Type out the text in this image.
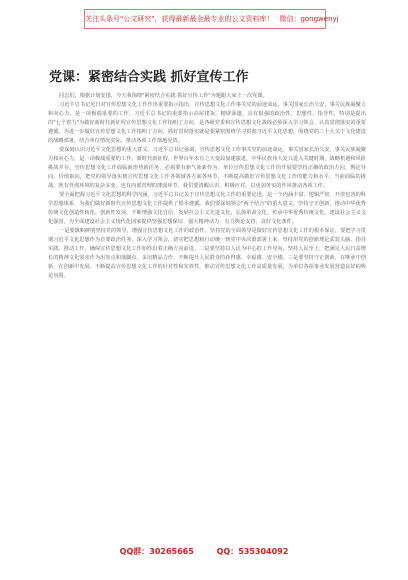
关注头条号"公文研究"，获得最新最全最专业的公文资料库！ 微信：gongwenyj
党课：紧密结合实践 抓好宣传工作

同志们，根据计划安排，今天我围绕"紧密结合实践 抓好宣传工作"为题跟大家上一次党课。

习近平总书记近日对宣传思想文化工作作出重要指示指出，宣传思想文化工作事关党的前途命运，事关国家长治久安，事关民族凝聚力和向心力，是一项极端重要的工作。习近平总书记的重要指示高屋建瓴、精辟深邃，具有很强的政治性、思想性、指导性，特别是提出的"七个着力"为做好新时代新征程宣传思想文化工作指明了方向，是各级党委和宣传思想文化战线必须深入学习领会、认真贯彻落实的重要遵循。为进一步做好宣传思想文化工作指明了方向，抓好贯彻落实就是要紧密围绕学习贯彻习近平文化思想，围绕党的二十大关于文化建设的战略部署，结合单位情况实际，推动各项工作落地见效。

要深刻认识习近平文化思想的重大意义。习近平总书记强调，宣传思想文化工作事关党的前途命运，事关国家长治久安，事关民族凝聚力和向心力，是一项极端重要的工作。新时代新征程，世界百年未有之大变局加速演进，中华民族伟大复兴进入关键时期，战略机遇和风险挑战并存，宣传思想文化工作面临新形势新任务，必须要有新气象新作为。单位宣传思想文化工作的开展要坚持正确的政治方向、舆论导向、价值取向，把党的领导落实到宣传思想文化工作各领域各方面各环节，不断提高做好宣传思想文化工作的能力和水平。当前面临的挑战，既有外部环境的复杂多变，也有内部管理的薄弱环节，我们要清醒认识、积极应对，以更加务实的作风推动各项工作。

要全面把握习近平文化思想的科学内涵。习近平总书记关于宣传思想文化工作的重要论述，是一个内涵丰富、逻辑严密、开放包容的科学思想体系，为我们做好新时代宣传思想文化工作提供了根本遵循。我们要深刻领会"两个结合"的重大意义，坚持守正创新，推动中华优秀传统文化创造性转化、创新性发展，不断增强文化自信，发展社会主义先进文化，弘扬革命文化，传承中华优秀传统文化，建设社会主义文化强国，为全面建设社会主义现代化国家提供坚强思想保证、强大精神动力、有力舆论支持、良好文化条件。

一是要旗帜鲜明坚持党的领导，增强宣传思想文化工作的政治性。坚持党的全面领导是做好宣传思想文化工作的根本保证。要把学习贯彻习近平文化思想作为首要政治任务，深入学习领会，切实把思想和行动统一到党中央决策部署上来，坚持用党的创新理论武装头脑、指导实践、推动工作，确保宣传思想文化工作始终沿着正确方向前进。二是要坚持以人民为中心的工作导向，坚持人民至上，把满足人民日益增长的精神文化需求作为出发点和落脚点，多出精品力作，不断提升人民群众的获得感、幸福感、安全感。三是要坚持守正创新，在继承中创新、在创新中发展，不断提高宣传思想文化工作的针对性和实效性，推动宣传思想文化工作高质量发展，为单位各项事业发展营造良好的舆论氛围。

QQ群：30265665	QQ：535304092
